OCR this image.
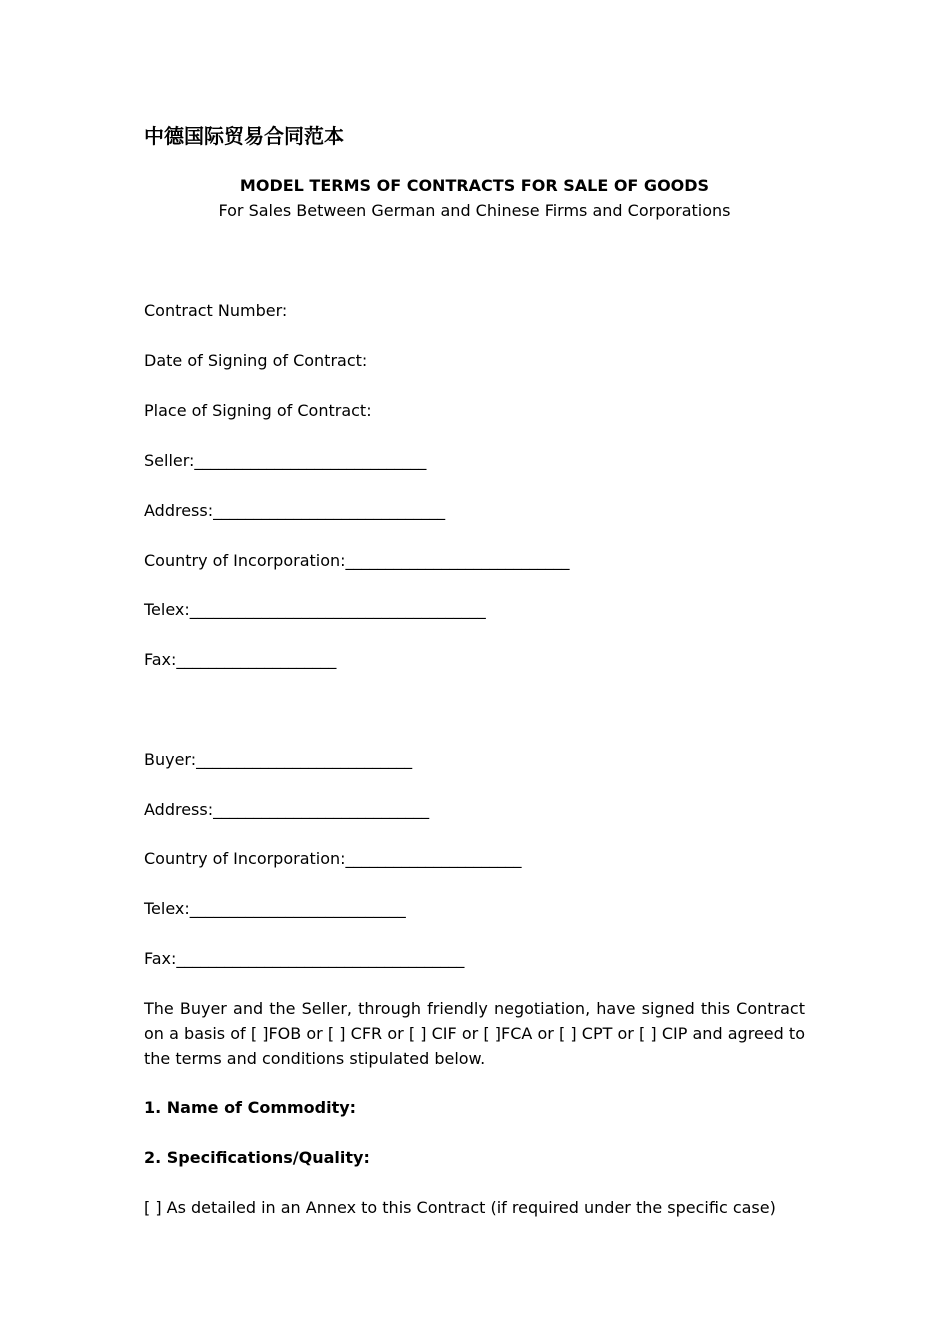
中德国际贸易合同范本
MODEL TERMS OF CONTRACTS FOR SALE OF GOODS
For Sales Between German and Chinese Firms and Corporations
Contract Number:
Date of Signing of Contract:
Place of Signing of Contract:
Seller:_____________________________
Address:_____________________________
Country of Incorporation:____________________________
Telex:_____________________________________
Fax:____________________
Buyer:___________________________
Address:___________________________
Country of Incorporation:______________________
Telex:___________________________
Fax:____________________________________
The Buyer and the Seller, through friendly negotiation, have signed this Contract on a basis of [ ]FOB or [ ] CFR or [ ] CIF or [ ]FCA or [ ] CPT or [ ] CIP and agreed to the terms and conditions stipulated below.
1. Name of Commodity:
2. Specifications/Quality:
[ ] As detailed in an Annex to this Contract (if required under the specific case)
